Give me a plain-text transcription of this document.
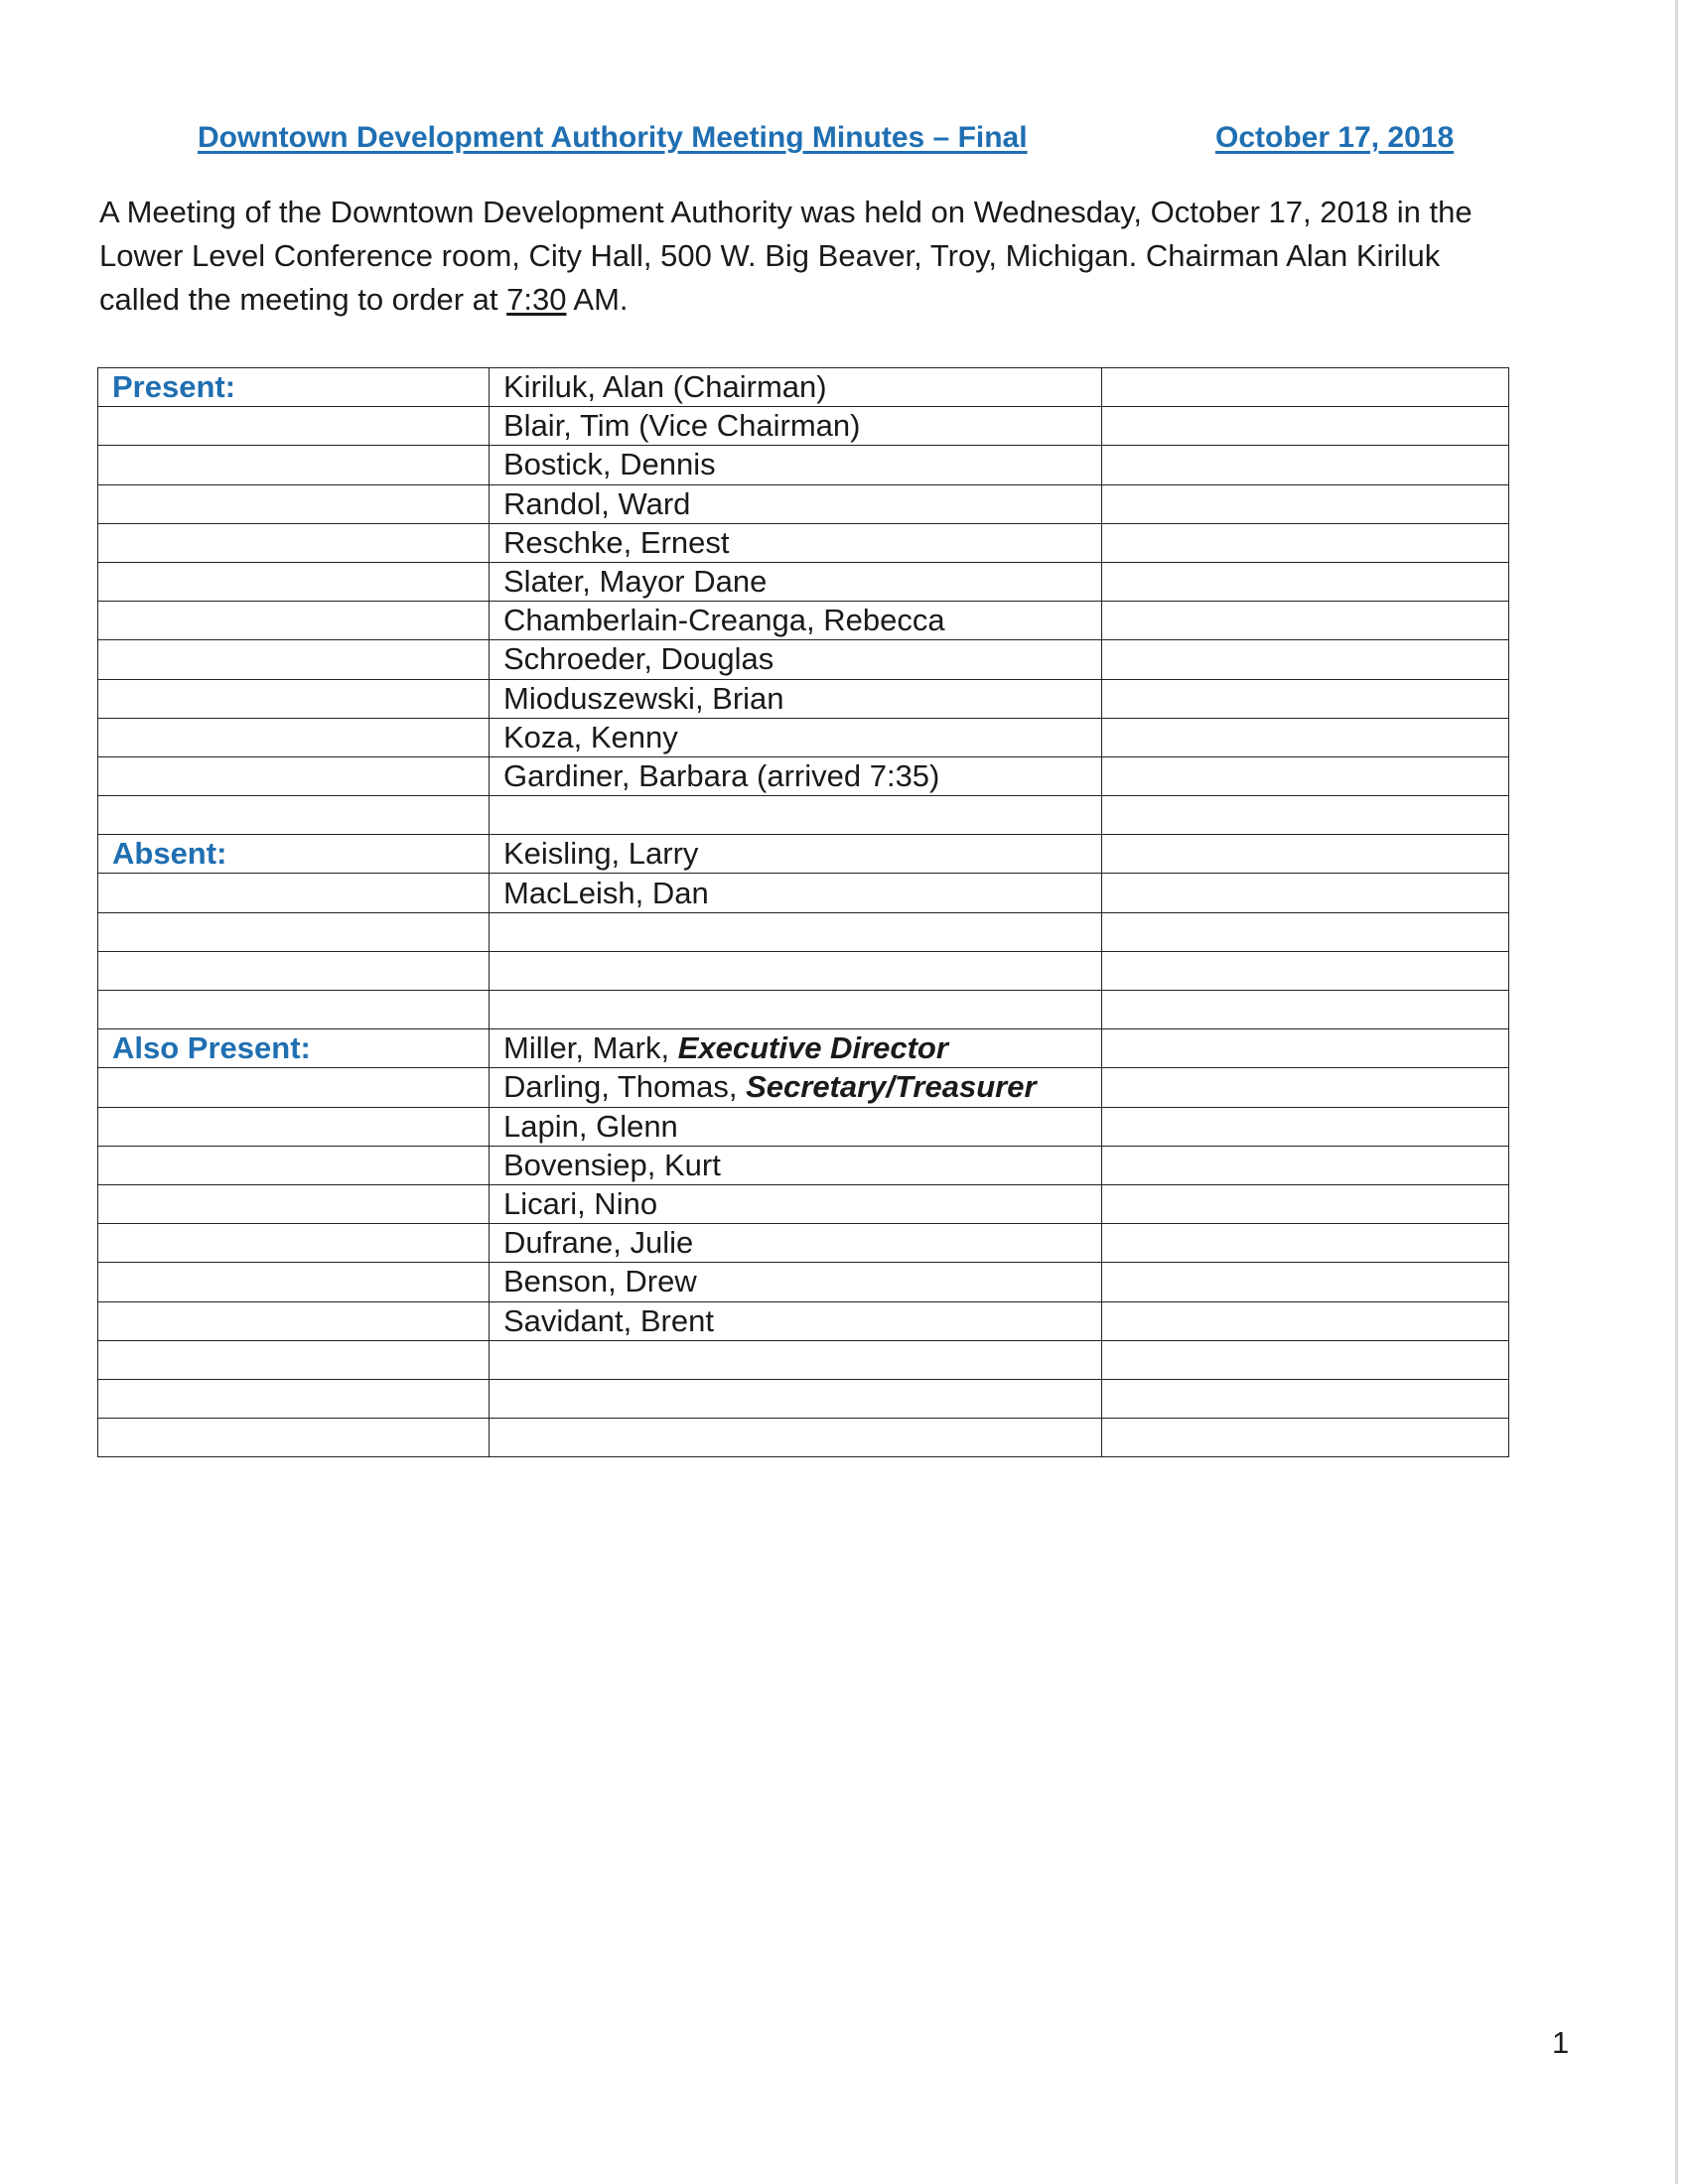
Downtown Development Authority Meeting Minutes – Final	October 17, 2018

A Meeting of the Downtown Development Authority was held on Wednesday, October 17, 2018 in the

Lower Level Conference room, City Hall, 500 W. Big Beaver, Troy, Michigan. Chairman Alan Kiriluk

called the meeting to order at 7:30 AM.

Present:	Kiriluk, Alan (Chairman)	
	Blair, Tim (Vice Chairman)	
	Bostick, Dennis	
	Randol, Ward	
	Reschke, Ernest	
	Slater, Mayor Dane	
	Chamberlain-Creanga, Rebecca	
	Schroeder, Douglas	
	Mioduszewski, Brian	
	Koza, Kenny	
	Gardiner, Barbara (arrived 7:35)	

Absent:	Keisling, Larry	
	MacLeish, Dan	

Also Present:	Miller, Mark, Executive Director	
	Darling, Thomas, Secretary/Treasurer	
	Lapin, Glenn	
	Bovensiep, Kurt	
	Licari, Nino	
	Dufrane, Julie	
	Benson, Drew	
	Savidant, Brent	

1
